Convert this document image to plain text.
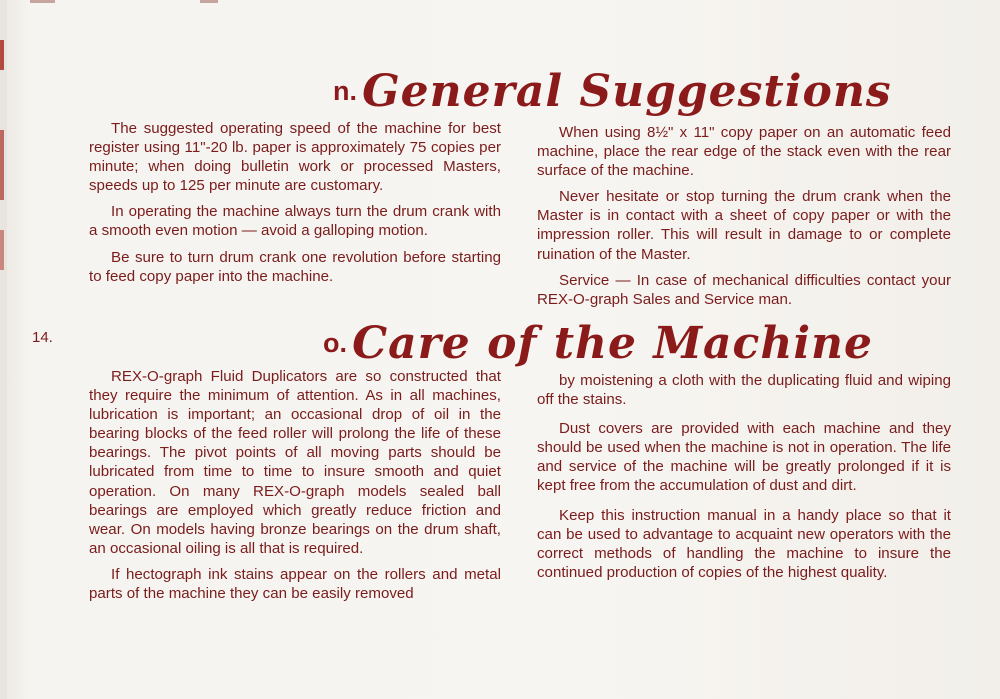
n. General Suggestions

The suggested operating speed of the machine for best register using 11"-20 lb. paper is approximately 75 copies per minute; when doing bulletin work or processed Masters, speeds up to 125 per minute are customary.

In operating the machine always turn the drum crank with a smooth even motion — avoid a galloping motion.

Be sure to turn drum crank one revolution before starting to feed copy paper into the machine.

When using 8½" x 11" copy paper on an automatic feed machine, place the rear edge of the stack even with the rear surface of the machine.

Never hesitate or stop turning the drum crank when the Master is in contact with a sheet of copy paper or with the impression roller. This will result in damage to or complete ruination of the Master.

Service — In case of mechanical difficulties contact your REX-O-graph Sales and Service man.

14.	o. Care of the Machine

REX-O-graph Fluid Duplicators are so constructed that they require the minimum of attention. As in all machines, lubrication is important; an occasional drop of oil in the bearing blocks of the feed roller will prolong the life of these bearings. The pivot points of all moving parts should be lubricated from time to time to insure smooth and quiet operation. On many REX-O-graph models sealed ball bearings are employed which greatly reduce friction and wear. On models having bronze bearings on the drum shaft, an occasional oiling is all that is required.

If hectograph ink stains appear on the rollers and metal parts of the machine they can be easily removed

by moistening a cloth with the duplicating fluid and wiping off the stains.

Dust covers are provided with each machine and they should be used when the machine is not in operation. The life and service of the machine will be greatly prolonged if it is kept free from the accumulation of dust and dirt.

Keep this instruction manual in a handy place so that it can be used to advantage to acquaint new operators with the correct methods of handling the machine to insure the continued production of copies of the highest quality.
